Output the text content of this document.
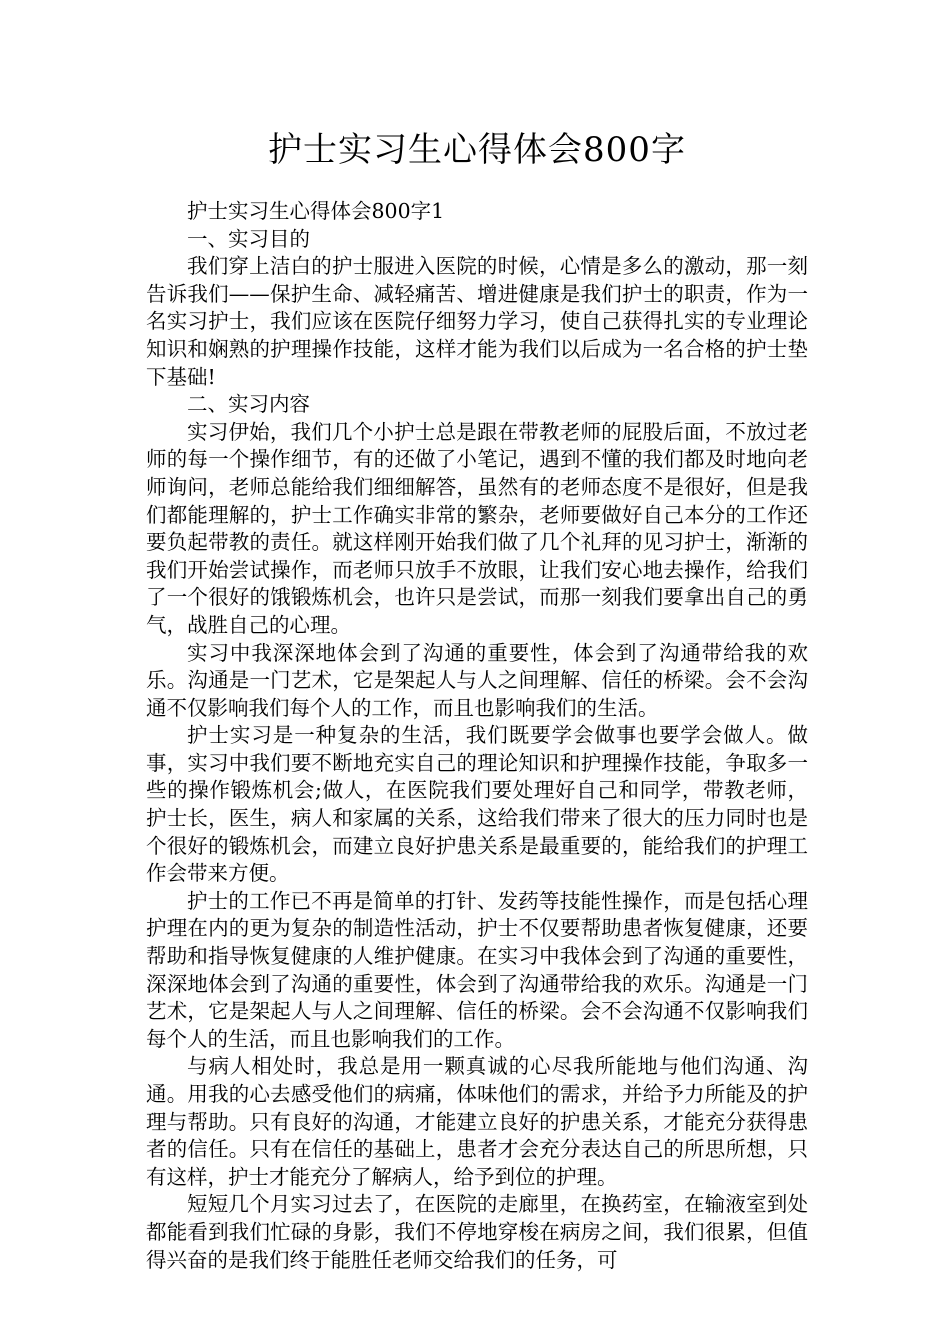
护士实习生心得体会800字

护士实习生心得体会800字1

一、实习目的

我们穿上洁白的护士服进入医院的时候，心情是多么的激动，那一刻告诉我们——保护生命、减轻痛苦、增进健康是我们护士的职责，作为一名实习护士，我们应该在医院仔细努力学习，使自己获得扎实的专业理论知识和娴熟的护理操作技能，这样才能为我们以后成为一名合格的护士垫下基础!

二、实习内容

实习伊始，我们几个小护士总是跟在带教老师的屁股后面，不放过老师的每一个操作细节，有的还做了小笔记，遇到不懂的我们都及时地向老师询问，老师总能给我们细细解答，虽然有的老师态度不是很好，但是我们都能理解的，护士工作确实非常的繁杂，老师要做好自己本分的工作还要负起带教的责任。就这样刚开始我们做了几个礼拜的见习护士，渐渐的我们开始尝试操作，而老师只放手不放眼，让我们安心地去操作，给我们了一个很好的饿锻炼机会，也许只是尝试，而那一刻我们要拿出自己的勇气，战胜自己的心理。

实习中我深深地体会到了沟通的重要性，体会到了沟通带给我的欢乐。沟通是一门艺术，它是架起人与人之间理解、信任的桥梁。会不会沟通不仅影响我们每个人的工作，而且也影响我们的生活。

护士实习是一种复杂的生活，我们既要学会做事也要学会做人。做事，实习中我们要不断地充实自己的理论知识和护理操作技能，争取多一些的操作锻炼机会;做人，在医院我们要处理好自己和同学，带教老师，护士长，医生，病人和家属的关系，这给我们带来了很大的压力同时也是个很好的锻炼机会，而建立良好护患关系是最重要的，能给我们的护理工作会带来方便。

护士的工作已不再是简单的打针、发药等技能性操作，而是包括心理护理在内的更为复杂的制造性活动，护士不仅要帮助患者恢复健康，还要帮助和指导恢复健康的人维护健康。在实习中我体会到了沟通的重要性，深深地体会到了沟通的重要性，体会到了沟通带给我的欢乐。沟通是一门艺术，它是架起人与人之间理解、信任的桥梁。会不会沟通不仅影响我们每个人的生活，而且也影响我们的工作。

与病人相处时，我总是用一颗真诚的心尽我所能地与他们沟通、沟通。用我的心去感受他们的病痛，体味他们的需求，并给予力所能及的护理与帮助。只有良好的沟通，才能建立良好的护患关系，才能充分获得患者的信任。只有在信任的基础上，患者才会充分表达自己的所思所想，只有这样，护士才能充分了解病人，给予到位的护理。

短短几个月实习过去了，在医院的走廊里，在换药室，在输液室到处都能看到我们忙碌的身影，我们不停地穿梭在病房之间，我们很累，但值得兴奋的是我们终于能胜任老师交给我们的任务，可
